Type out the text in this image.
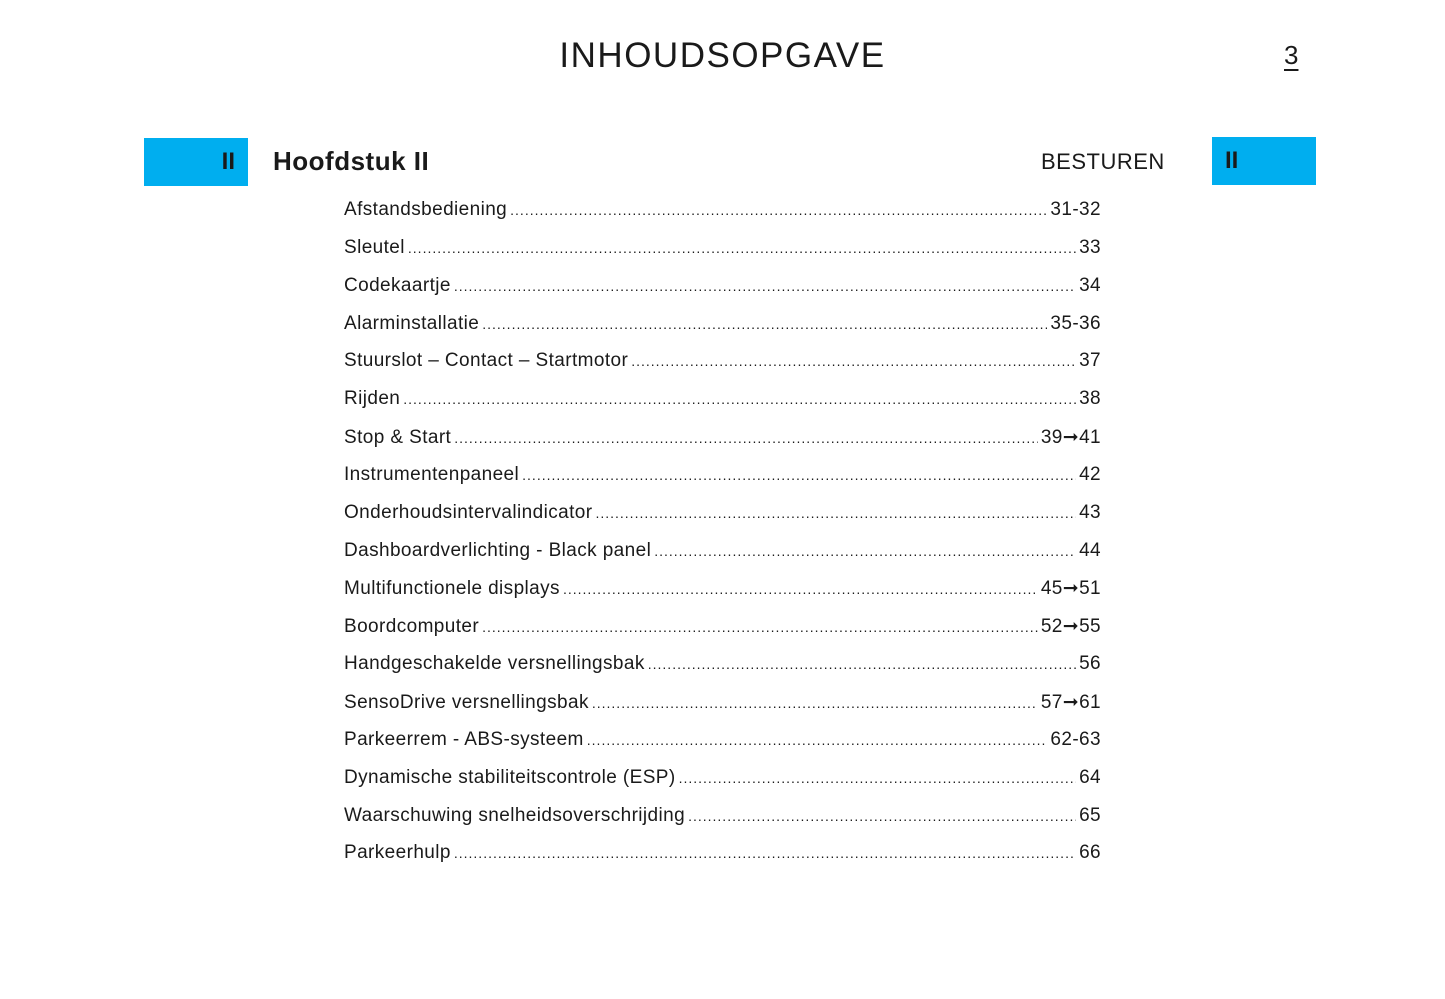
INHOUDSOPGAVE	3
II Hoofdstuk II	BESTUREN	II
Afstandsbediening .....	31-32
Sleutel .....	33
Codekaartje .....	34
Alarminstallatie .....	35-36
Stuurslot – Contact – Startmotor .....	37
Rijden .....	38
Stop & Start .....	39➞41
Instrumentenpaneel .....	42
Onderhoudsintervalindicator .....	43
Dashboardverlichting - Black panel .....	44
Multifunctionele displays .....	45➞51
Boordcomputer .....	52➞55
Handgeschakelde versnellingsbak .....	56
SensoDrive versnellingsbak .....	57➞61
Parkeerrem - ABS-systeem .....	62-63
Dynamische stabiliteitscontrole (ESP) .....	64
Waarschuwing snelheidsoverschrijding .....	65
Parkeerhulp .....	66
